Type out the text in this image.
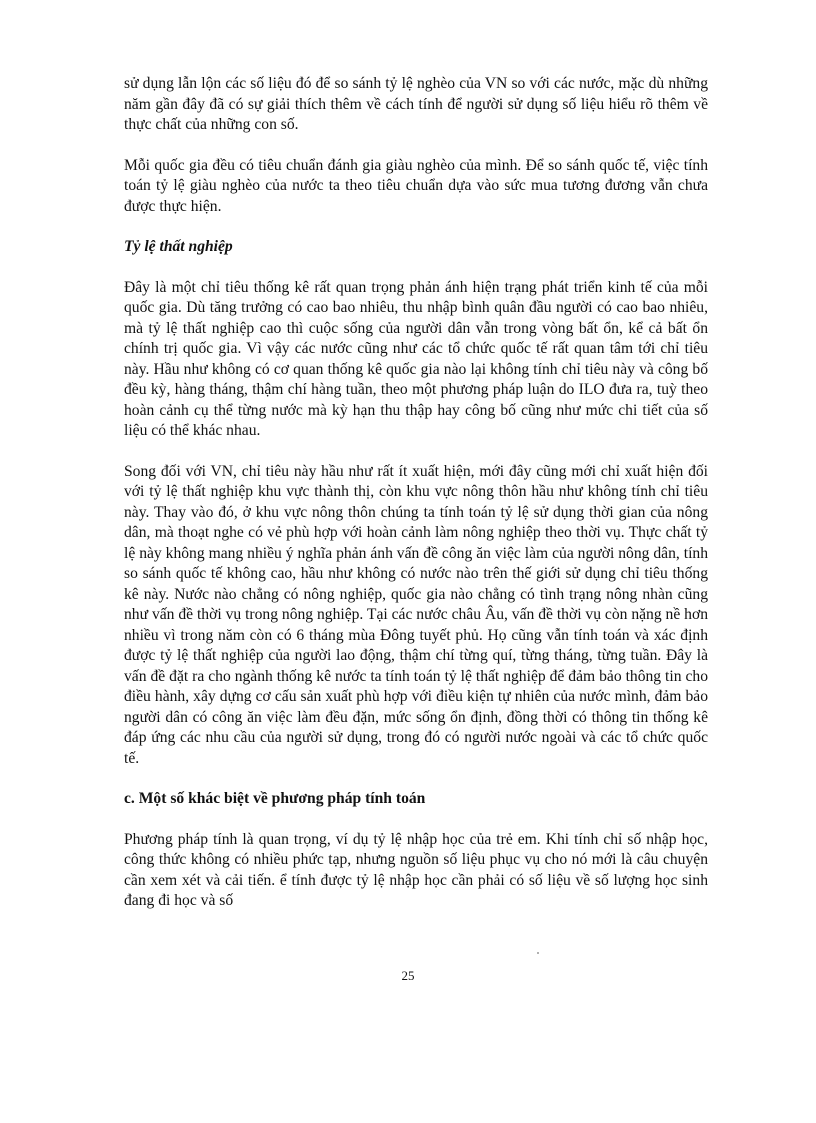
sử dụng lẫn lộn các số liệu đó để so sánh tỷ lệ nghèo của VN so với các nước, mặc dù những năm gần đây đã có sự giải thích thêm về cách tính để người sử dụng số liệu hiểu rõ thêm về thực chất của những con số.

Mỗi quốc gia đều có tiêu chuẩn đánh gia giàu nghèo của mình. Để so sánh quốc tế, việc tính toán tỷ lệ giàu nghèo của nước ta theo tiêu chuẩn dựa vào sức mua tương đương vẫn chưa được thực hiện.

Tỷ lệ thất nghiệp

Đây là một chỉ tiêu thống kê rất quan trọng phản ánh hiện trạng phát triển kinh tế của mỗi quốc gia. Dù tăng trưởng có cao bao nhiêu, thu nhập bình quân đầu người có cao bao nhiêu, mà tỷ lệ thất nghiệp cao thì cuộc sống của người dân vẫn trong vòng bất ổn, kể cả bất ổn chính trị quốc gia. Vì vậy các nước cũng như các tổ chức quốc tế rất quan tâm tới chỉ tiêu này. Hầu như không có cơ quan thống kê quốc gia nào lại không tính chỉ tiêu này và công bố đều kỳ, hàng tháng, thậm chí hàng tuần, theo một phương pháp luận do ILO đưa ra, tuỳ theo hoàn cảnh cụ thể từng nước mà kỳ hạn thu thập hay công bố cũng như mức chi tiết của số liệu có thể khác nhau.

Song đối với VN, chỉ tiêu này hầu như rất ít xuất hiện, mới đây cũng mới chỉ xuất hiện đối với tỷ lệ thất nghiệp khu vực thành thị, còn khu vực nông thôn hầu như không tính chỉ tiêu này. Thay vào đó, ở khu vực nông thôn chúng ta tính toán tỷ lệ sử dụng thời gian của nông dân, mà thoạt nghe có vẻ phù hợp với hoàn cảnh làm nông nghiệp theo thời vụ. Thực chất tỷ lệ này không mang nhiều ý nghĩa phản ánh vấn đề công ăn việc làm của người nông dân, tính so sánh quốc tế không cao, hầu như không có nước nào trên thế giới sử dụng chỉ tiêu thống kê này. Nước nào chẳng có nông nghiệp, quốc gia nào chẳng có tình trạng nông nhàn cũng như vấn đề thời vụ trong nông nghiệp. Tại các nước châu Âu, vấn đề thời vụ còn nặng nề hơn nhiều vì trong năm còn có 6 tháng mùa Đông tuyết phủ. Họ cũng vẫn tính toán và xác định được tỷ lệ thất nghiệp của người lao động, thậm chí từng quí, từng tháng, từng tuần. Đây là vấn đề đặt ra cho ngành thống kê nước ta tính toán tỷ lệ thất nghiệp để đảm bảo thông tin cho điều hành, xây dựng cơ cấu sản xuất phù hợp với điều kiện tự nhiên của nước mình, đảm bảo người dân có công ăn việc làm đều đặn, mức sống ổn định, đồng thời có thông tin thống kê đáp ứng các nhu cầu của người sử dụng, trong đó có người nước ngoài và các tổ chức quốc tế.

c. Một số khác biệt về phương pháp tính toán

Phương pháp tính là quan trọng, ví dụ tỷ lệ nhập học của trẻ em. Khi tính chỉ số nhập học, công thức không có nhiều phức tạp, nhưng nguồn số liệu phục vụ cho nó mới là câu chuyện cần xem xét và cải tiến. ể tính được tỷ lệ nhập học cần phải có số liệu về số lượng học sinh đang đi học và số

25
